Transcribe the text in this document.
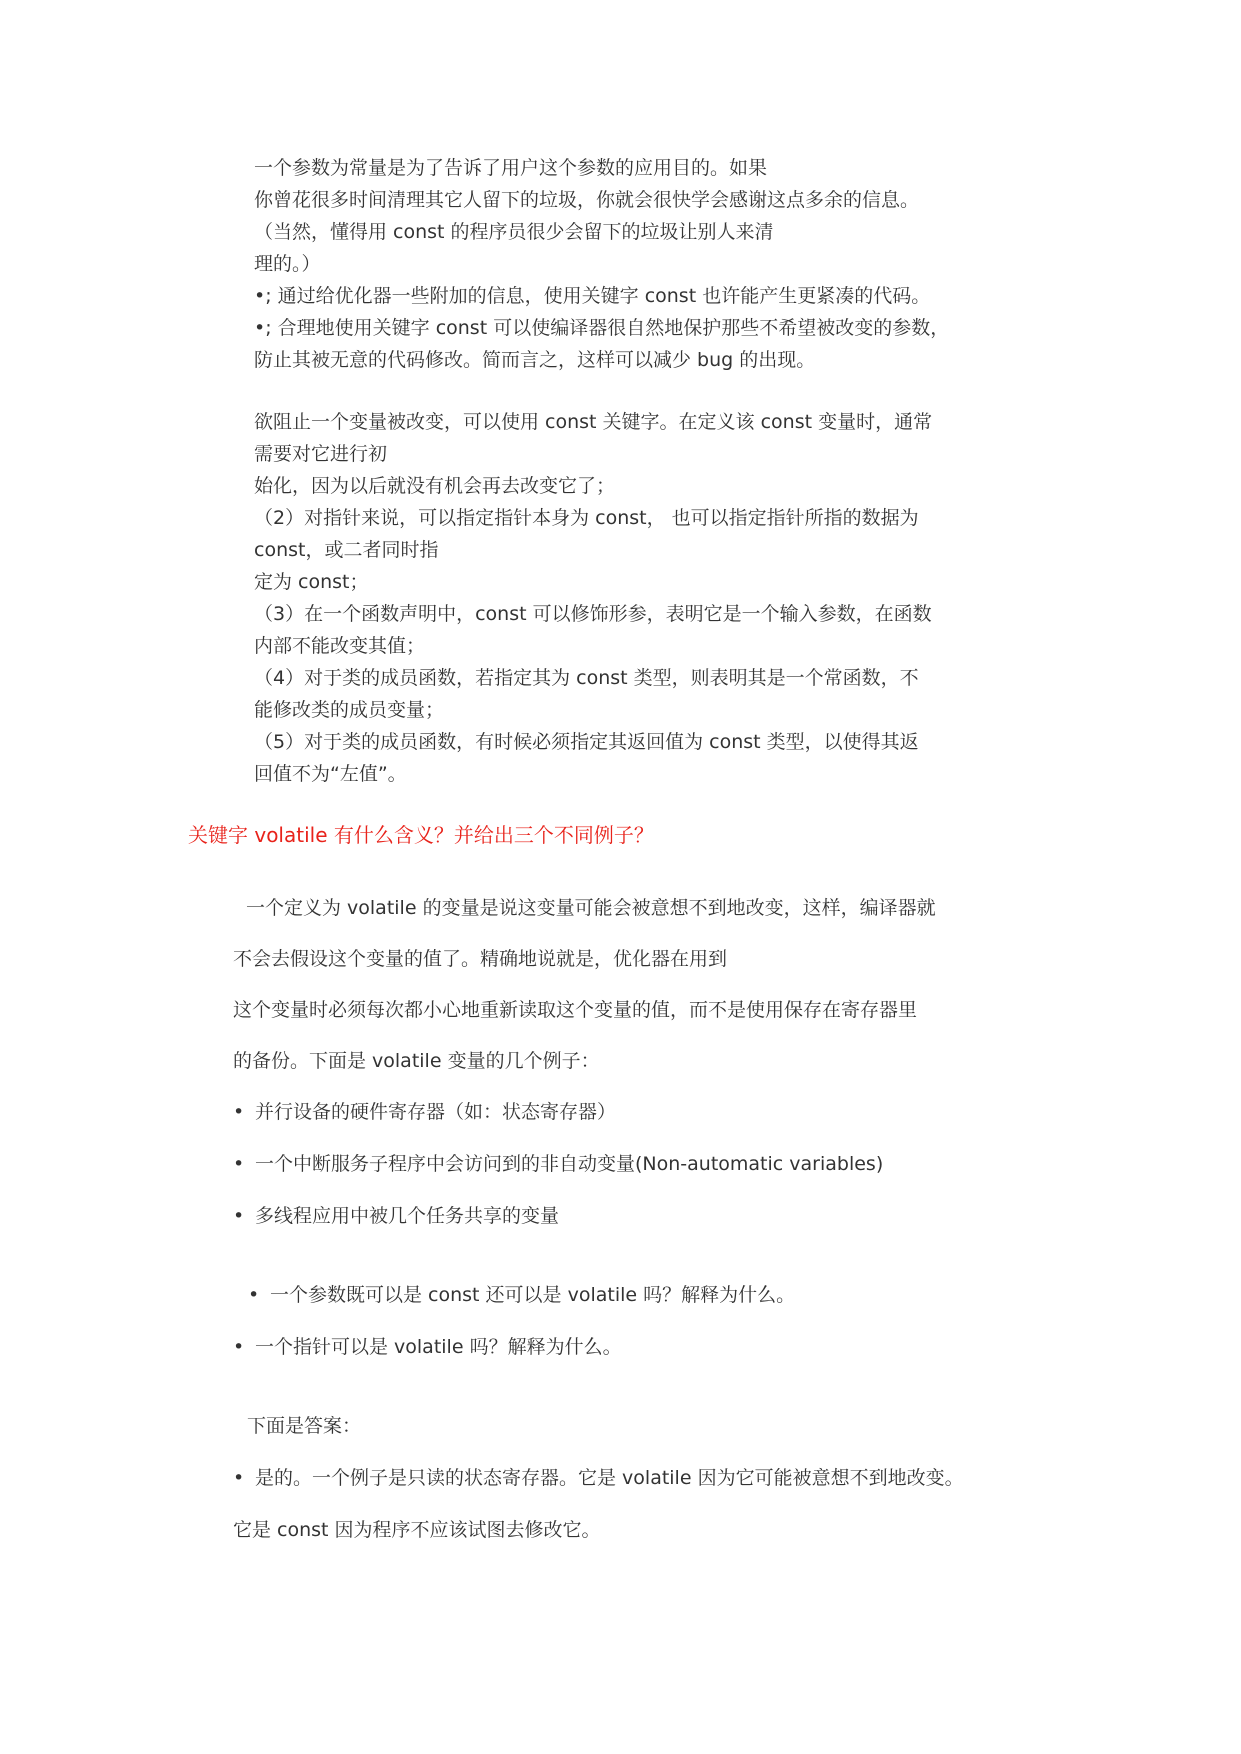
一个参数为常量是为了告诉了用户这个参数的应用目的。如果
你曾花很多时间清理其它人留下的垃圾，你就会很快学会感谢这点多余的信息。
（当然，懂得用 const 的程序员很少会留下的垃圾让别人来清
理的。）
•; 通过给优化器一些附加的信息，使用关键字 const 也许能产生更紧凑的代码。
•; 合理地使用关键字 const 可以使编译器很自然地保护那些不希望被改变的参数，
防止其被无意的代码修改。简而言之，这样可以减少 bug 的出现。
欲阻止一个变量被改变，可以使用 const 关键字。在定义该 const 变量时，通常
需要对它进行初
始化，因为以后就没有机会再去改变它了；
（2）对指针来说，可以指定指针本身为 const， 也可以指定指针所指的数据为
const，或二者同时指
定为 const；
（3）在一个函数声明中，const 可以修饰形参，表明它是一个输入参数，在函数
内部不能改变其值；
（4）对于类的成员函数，若指定其为 const 类型，则表明其是一个常函数，不
能修改类的成员变量；
（5）对于类的成员函数，有时候必须指定其返回值为 const 类型，以使得其返
回值不为“左值”。
关键字 volatile 有什么含义？并给出三个不同例子？
一个定义为 volatile 的变量是说这变量可能会被意想不到地改变，这样，编译器就
不会去假设这个变量的值了。精确地说就是，优化器在用到
这个变量时必须每次都小心地重新读取这个变量的值，而不是使用保存在寄存器里
的备份。下面是 volatile 变量的几个例子：
• 并行设备的硬件寄存器（如：状态寄存器）
• 一个中断服务子程序中会访问到的非自动变量(Non-automatic variables)
• 多线程应用中被几个任务共享的变量
• 一个参数既可以是 const 还可以是 volatile 吗？解释为什么。
• 一个指针可以是 volatile 吗？解释为什么。
下面是答案：
• 是的。一个例子是只读的状态寄存器。它是 volatile 因为它可能被意想不到地改变。
它是 const 因为程序不应该试图去修改它。
